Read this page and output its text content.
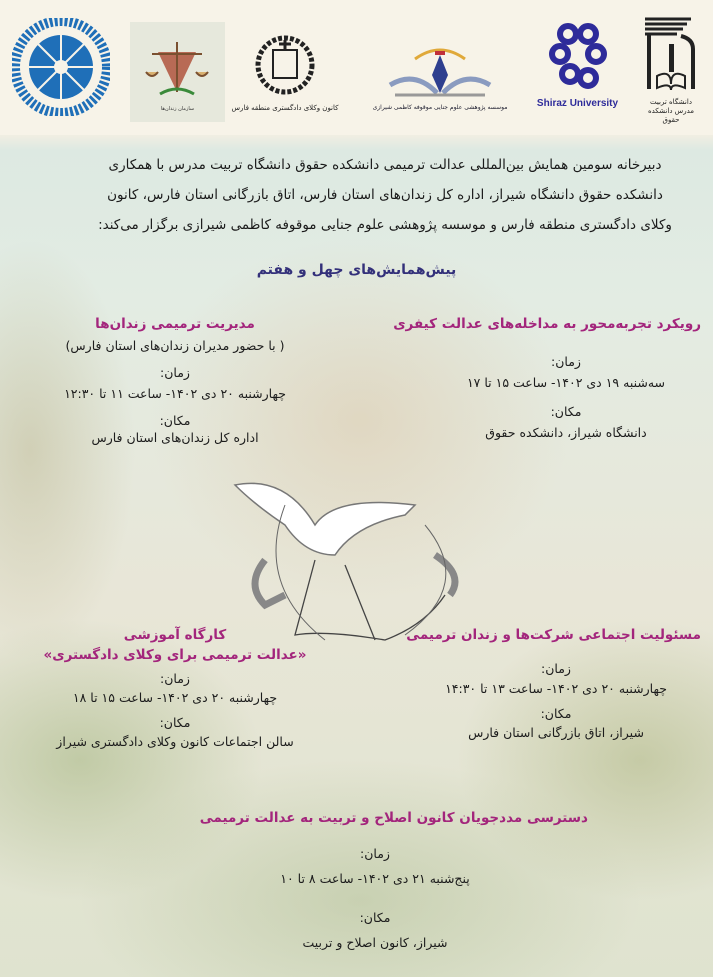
دانشگاه تربیت مدرس دانشکده حقوق
Shiraz University
موسسه پژوهشی علوم جنایی موقوفه کاظمی شیرازی
کانون وکلای دادگستری منطقه فارس
سازمان زندان‌ها
دبیرخانه سومین همایش بین‌المللی عدالت ترمیمی دانشکده حقوق دانشگاه تربیت مدرس با همکاری
دانشکده حقوق دانشگاه شیراز، اداره کل زندان‌های استان فارس، اتاق بازرگانی استان فارس، کانون
وکلای دادگستری منطقه فارس و موسسه پژوهشی علوم جنایی موقوفه کاظمی شیرازی برگزار می‌کند:
پیش‌همایش‌های چهل و هفتم
رویکرد تجربه‌محور به مداخله‌های عدالت کیفری
زمان:
سه‌شنبه ۱۹ دی ۱۴۰۲- ساعت ۱۵ تا ۱۷
مکان:
دانشگاه شیراز، دانشکده حقوق
مدیریت ترمیمی زندان‌ها
( با حضور مدیران زندان‌های استان فارس)
زمان:
چهارشنبه ۲۰ دی ۱۴۰۲- ساعت ۱۱ تا ۱۲:۳۰
مکان:
اداره کل زندان‌های استان فارس
مسئولیت اجتماعی شرکت‌ها و زندان ترمیمی
زمان:
چهارشنبه ۲۰ دی ۱۴۰۲- ساعت ۱۳ تا ۱۴:۳۰
مکان:
شیراز، اتاق بازرگانی استان فارس
کارگاه آموزشی
«عدالت ترمیمی برای وکلای دادگستری»
زمان:
چهارشنبه ۲۰ دی ۱۴۰۲- ساعت ۱۵ تا ۱۸
مکان:
سالن اجتماعات کانون وکلای دادگستری شیراز
دسترسی مددجویان کانون اصلاح و تربیت به عدالت ترمیمی
زمان:
پنج‌شنبه ۲۱ دی ۱۴۰۲- ساعت ۸ تا ۱۰
مکان:
شیراز، کانون اصلاح و تربیت
